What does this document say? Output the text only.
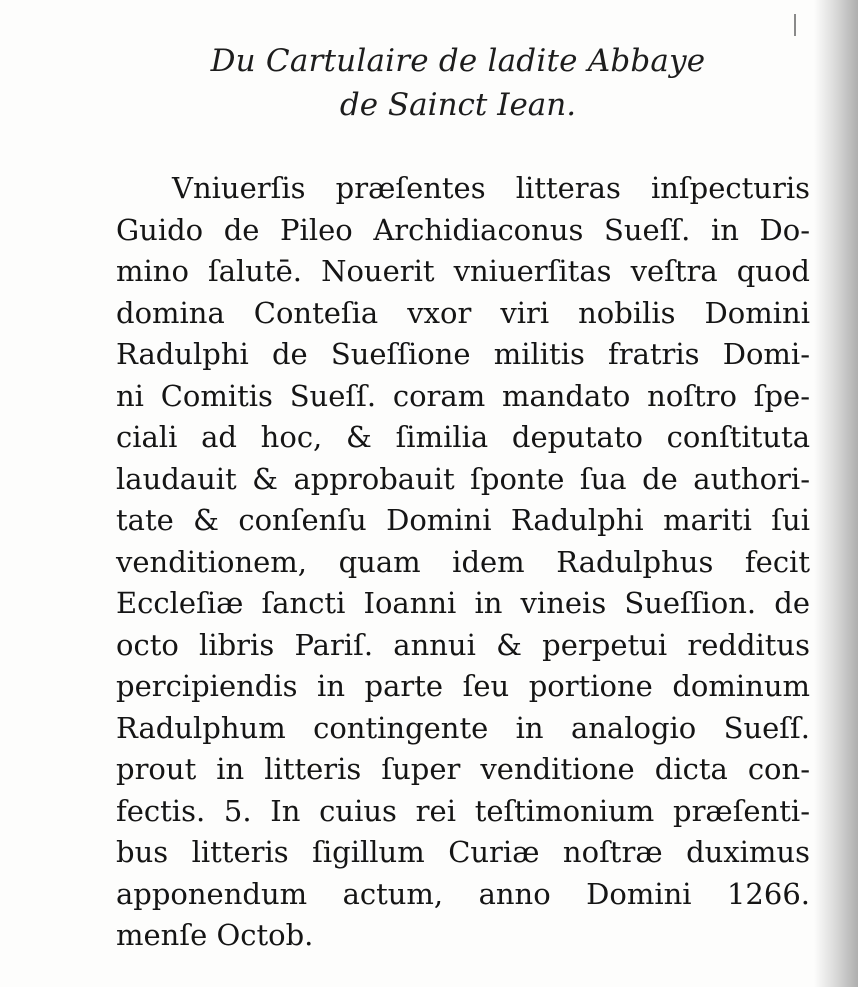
Du Cartulaire de ladite Abbaye
de Sainct Iean.
Vniuerſis præſentes litteras inſpecturis
Guido de Pileo Archidiaconus Sueſſ. in Do-
mino ſalutē. Nouerit vniuerſitas veſtra quod
domina Conteſia vxor viri nobilis Domini
Radulphi de Sueſſione militis fratris Domi-
ni Comitis Sueſſ. coram mandato noſtro ſpe-
ciali ad hoc, & ſimilia deputato conſtituta
laudauit & approbauit ſponte ſua de authori-
tate & conſenſu Domini Radulphi mariti ſui
venditionem, quam idem Radulphus fecit
Eccleſiæ ſancti Ioanni in vineis Sueſſion. de
octo libris Pariſ. annui & perpetui redditus
percipiendis in parte ſeu portione dominum
Radulphum contingente in analogio Sueſſ.
prout in litteris ſuper venditione dicta con-
fectis. 5. In cuius rei teſtimonium præſenti-
bus litteris ſigillum Curiæ noſtræ duximus
apponendum actum, anno Domini 1266.
menſe Octob.
